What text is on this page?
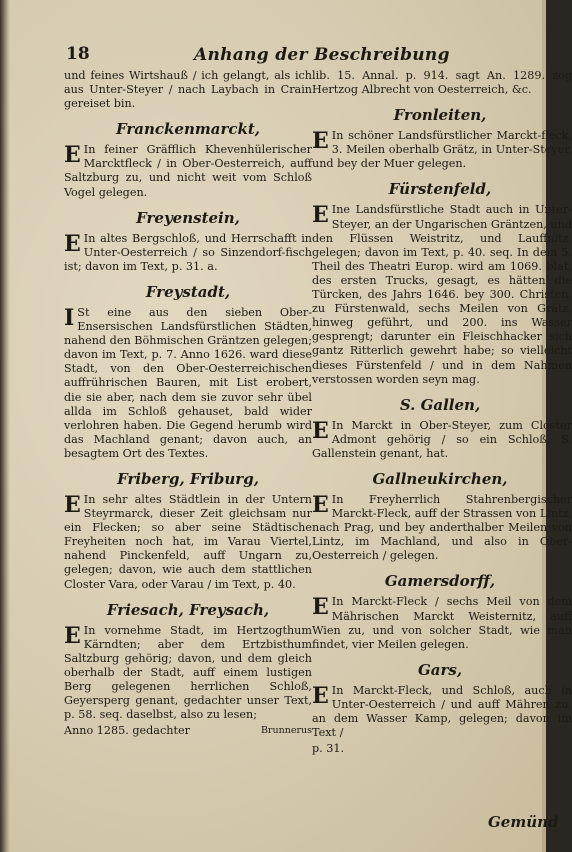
18	Anhang der Beschreibung

und feines Wirtshauß / ich gelangt, als ich aus Unter-Steyer / nach Laybach in Crain gereiset bin.

Franckenmarckt,

E In feiner Gräfflich Khevenhülerischer Marcktfleck / in Ober-Oesterreich, auff Saltzburg zu, und nicht weit vom Schloß Vogel gelegen.

Freyenstein,

E In altes Bergschloß, und Herrschafft in Unter-Oesterreich / so Sinzendorf-fisch ist; davon im Text, p. 31. a.

Freystadt,

I St eine aus den sieben Ober-Ensersischen Landsfürstlichen Städten, nahend den Böhmischen Gräntzen gelegen; davon im Text, p. 7. Anno 1626. ward diese Stadt, von den Ober-Oesterreichischen auffrührischen Bauren, mit List erobert, die sie aber, nach dem sie zuvor sehr übel allda im Schloß gehauset, bald wider verlohren haben. Die Gegend herumb wird das Machland genant; davon auch, an besagtem Ort des Textes.

Friberg, Friburg,

E In sehr altes Städtlein in der Untern Steyrmarck, dieser Zeit gleichsam nur ein Flecken; so aber seine Städtische Freyheiten noch hat, im Varau Viertel, nahend Pinckenfeld, auff Ungarn zu, gelegen; davon, wie auch dem stattlichen Closter Vara, oder Varau / im Text, p. 40.

Friesach, Freysach,

E In vornehme Stadt, im Hertzogthum Kärndten; aber dem Ertzbisthum Saltzburg gehörig; davon, und dem gleich oberhalb der Stadt, auff einem lustigen Berg gelegenen herrlichen Schloß, Geyersperg genant, gedachter unser Text, p. 58. seq. daselbst, also zu lesen;

Anno 1285. gedachter	Brunnerus

lib. 15. Annal. p. 914. sagt An. 1289. zog Hertzog Albrecht von Oesterreich, &c.

Fronleiten,

E In schöner Landsfürstlicher Marckt-fleck, 3. Meilen oberhalb Grätz, in Unter-Steyer, und bey der Muer gelegen.

Fürstenfeld,

E Ine Landsfürstliche Stadt auch in Unter-Steyer, an der Ungarischen Gräntzen, und den Flüssen Weistritz, und Lauffnitz, gelegen; davon im Text, p. 40. seq. In dem 5. Theil des Theatri Europ. wird am 1069. blat, des ersten Trucks, gesagt, es hätten die Türcken, des Jahrs 1646. bey 300. Christen, zu Fürstenwald, sechs Meilen von Grätz, hinweg geführt, und 200. ins Wasser gesprengt; darunter ein Fleischhacker sich gantz Ritterlich gewehrt habe; so vielleicht dieses Fürstenfeld / und in dem Nahmen verstossen worden seyn mag.

S. Gallen,

E In Marckt in Ober-Steyer, zum Closter Admont gehörig / so ein Schloß, S. Gallenstein genant, hat.

Gallneukirchen,

E In Freyherrlich Stahrenbergischer Marckt-Fleck, auff der Strassen von Lintz, nach Prag, und bey anderthalber Meilen von Lintz, im Machland, und also in Ober-Oesterreich / gelegen.

Gamersdorff,

E In Marckt-Fleck / sechs Meil von dem Mährischen Marckt Weisternitz, auff Wien zu, und von solcher Stadt, wie man findet, vier Meilen gelegen.

Gars,

E In Marckt-Fleck, und Schloß, auch in Unter-Oesterreich / und auff Mähren zu, an dem Wasser Kamp, gelegen; davon im Text /

p. 31.

Gemünd
